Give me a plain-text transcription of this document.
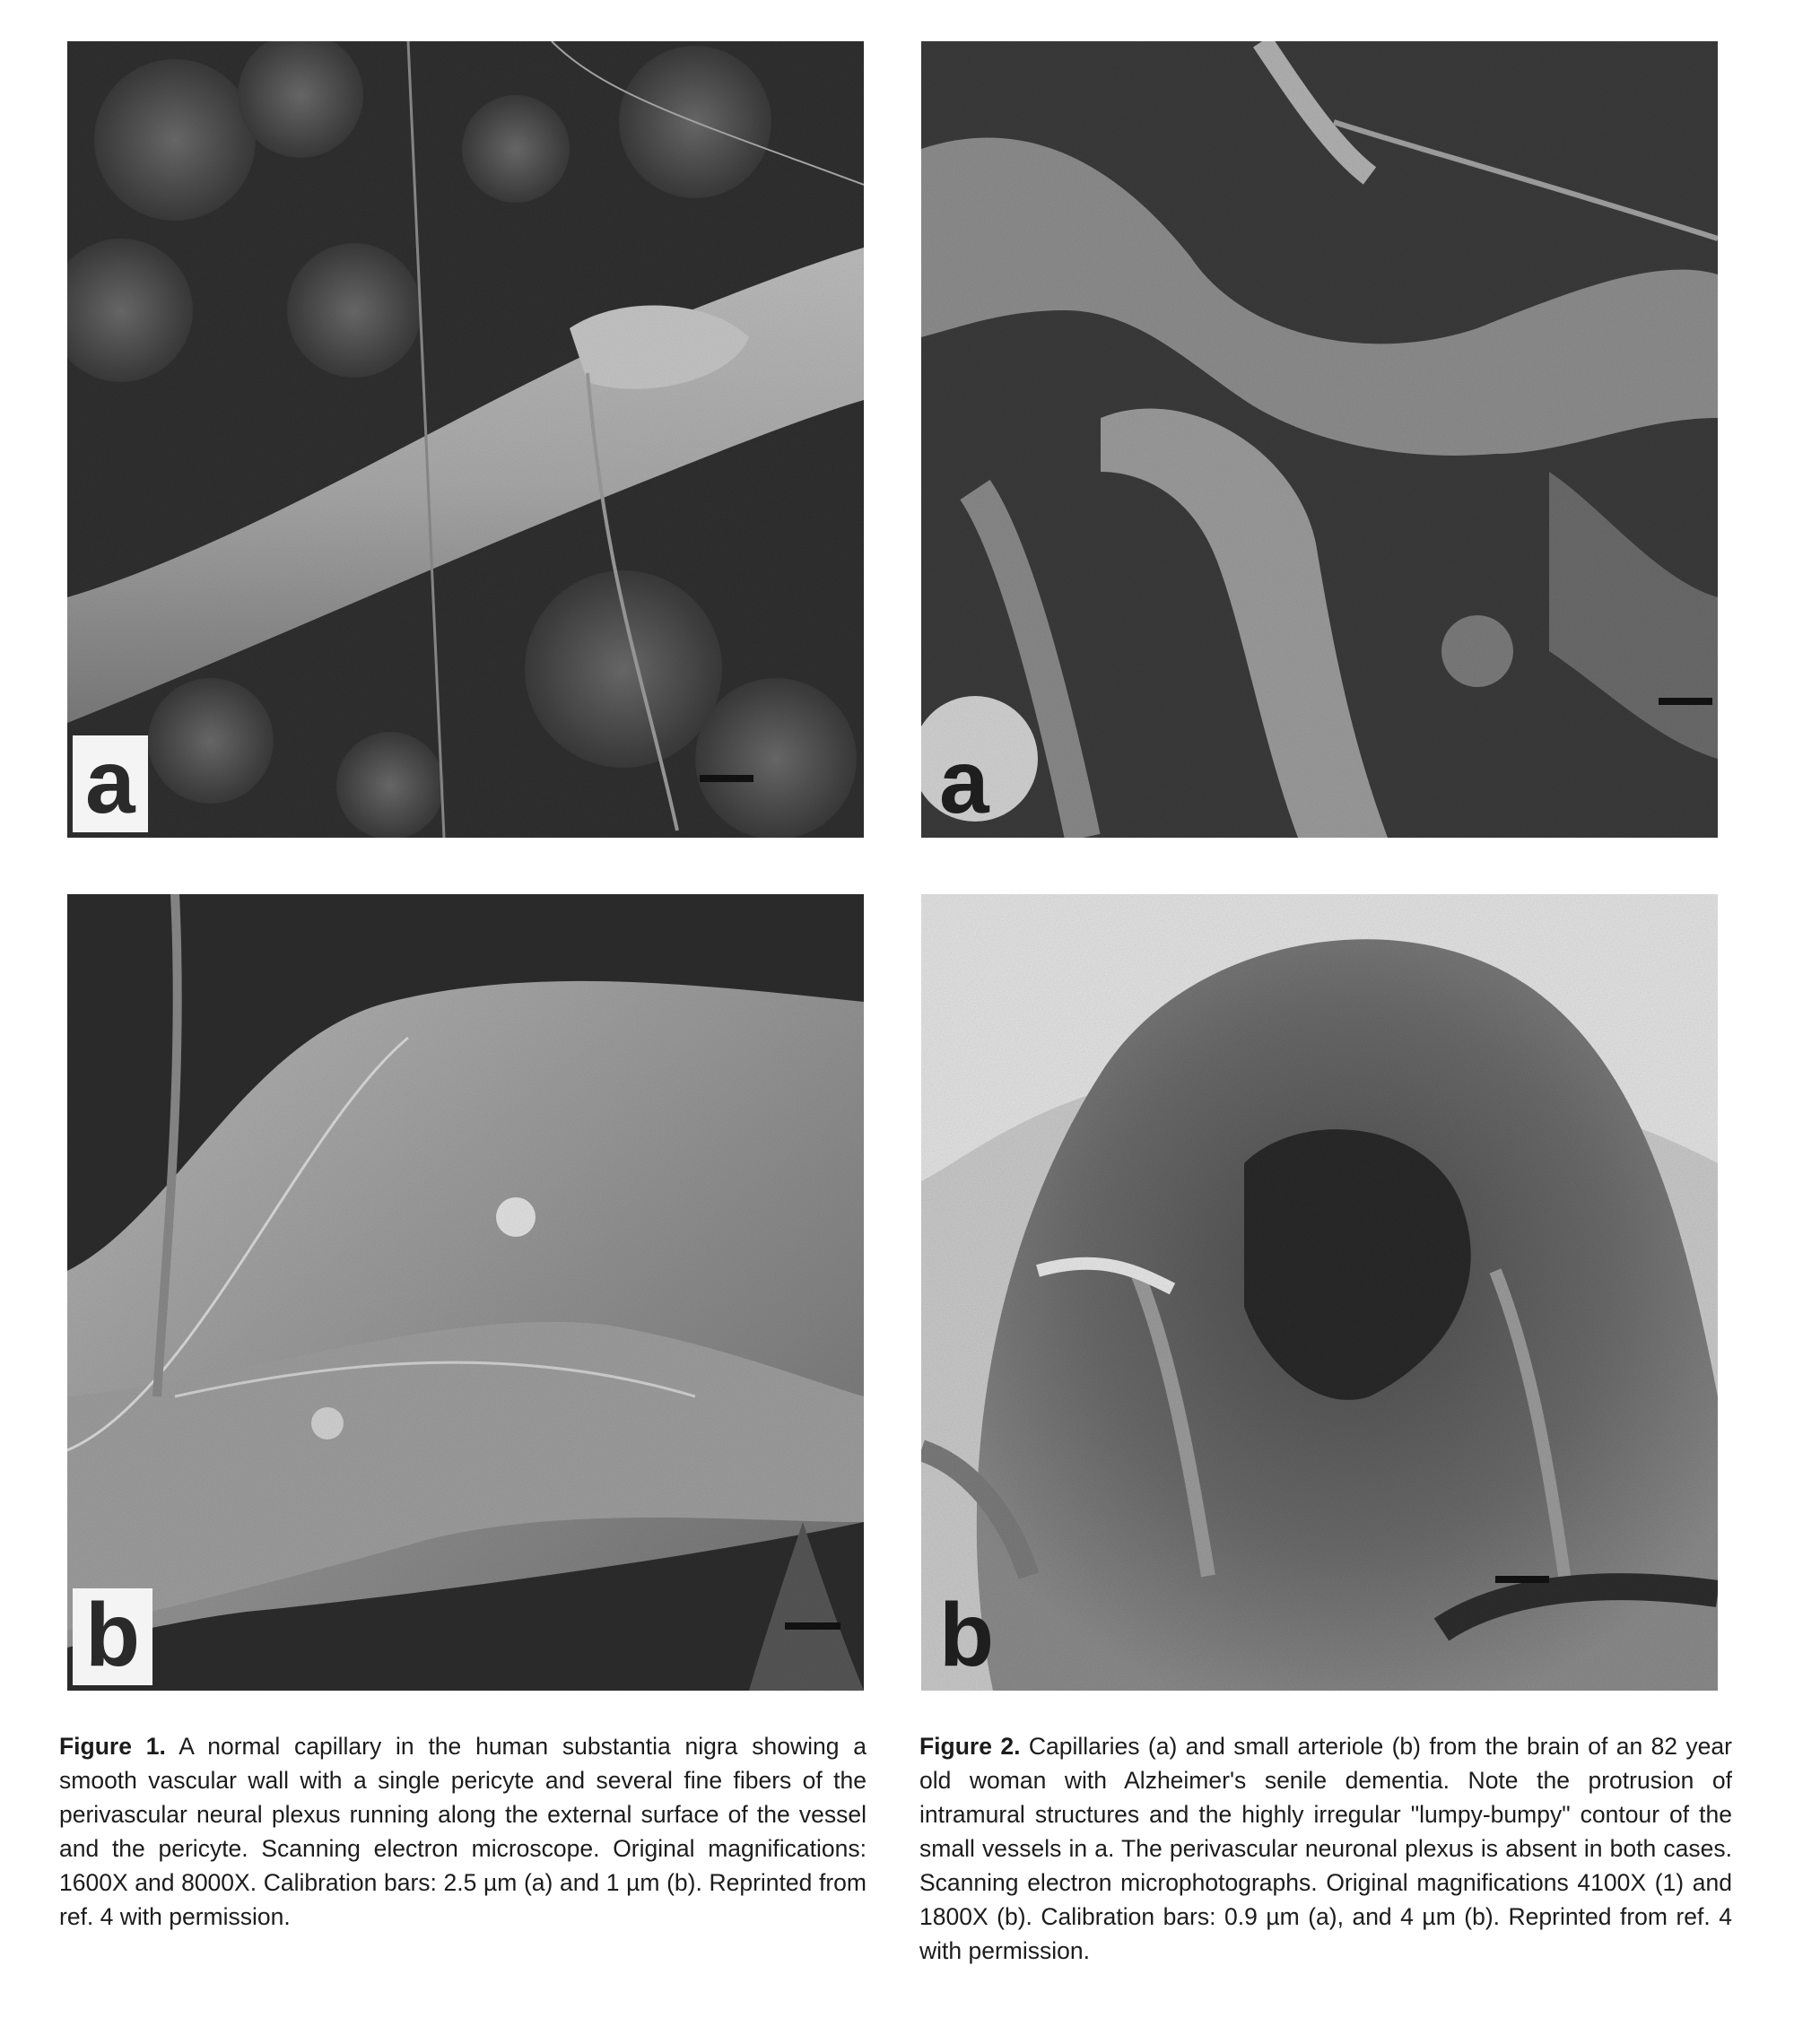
a	a
b	b
Figure 1. A normal capillary in the human substantia nigra showing a smooth vascular wall with a single pericyte and several fine fibers of the perivascular neural plexus running along the external surface of the vessel and the pericyte. Scanning electron microscope. Original magnifications: 1600X and 8000X. Calibration bars: 2.5 µm (a) and 1 µm (b). Reprinted from ref. 4 with permission.
Figure 2. Capillaries (a) and small arteriole (b) from the brain of an 82 year old woman with Alzheimer's senile dementia. Note the protrusion of intramural structures and the highly irregular "lumpy-bumpy" contour of the small vessels in a. The perivascular neuronal plexus is absent in both cases. Scanning electron microphotographs. Original magnifications 4100X (1) and 1800X (b). Calibration bars: 0.9 µm (a), and 4 µm (b). Reprinted from ref. 4 with permission.
